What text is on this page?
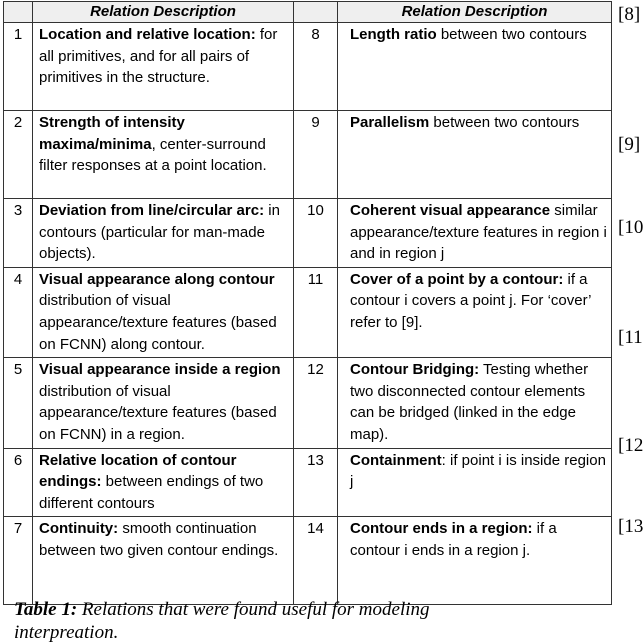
	Relation Description		Relation Description
1	Location and relative location: for all primitives, and for all pairs of primitives in the structure.	8	Length ratio between two contours
2	Strength of intensity maxima/minima, center-surround filter responses at a point location.	9	Parallelism between two contours
3	Deviation from line/circular arc: in contours (particular for man-made objects).	10	Coherent visual appearance similar appearance/texture features in region i and in region j
4	Visual appearance along contour distribution of visual appearance/texture features (based on FCNN) along contour.	11	Cover of a point by a contour: if a contour i covers a point j. For ‘cover’ refer to [9].
5	Visual appearance inside a region distribution of visual appearance/texture features (based on FCNN) in a region.	12	Contour Bridging: Testing whether two disconnected contour elements can be bridged (linked in the edge map).
6	Relative location of contour endings: between endings of two different contours	13	Containment: if point i is inside region j
7	Continuity: smooth continuation between two given contour endings.	14	Contour ends in a region: if a contour i ends in a region j.
Table 1: Relations that were found useful for modeling interpreation.
[8]
[9]
[10
[11
[12
[13
